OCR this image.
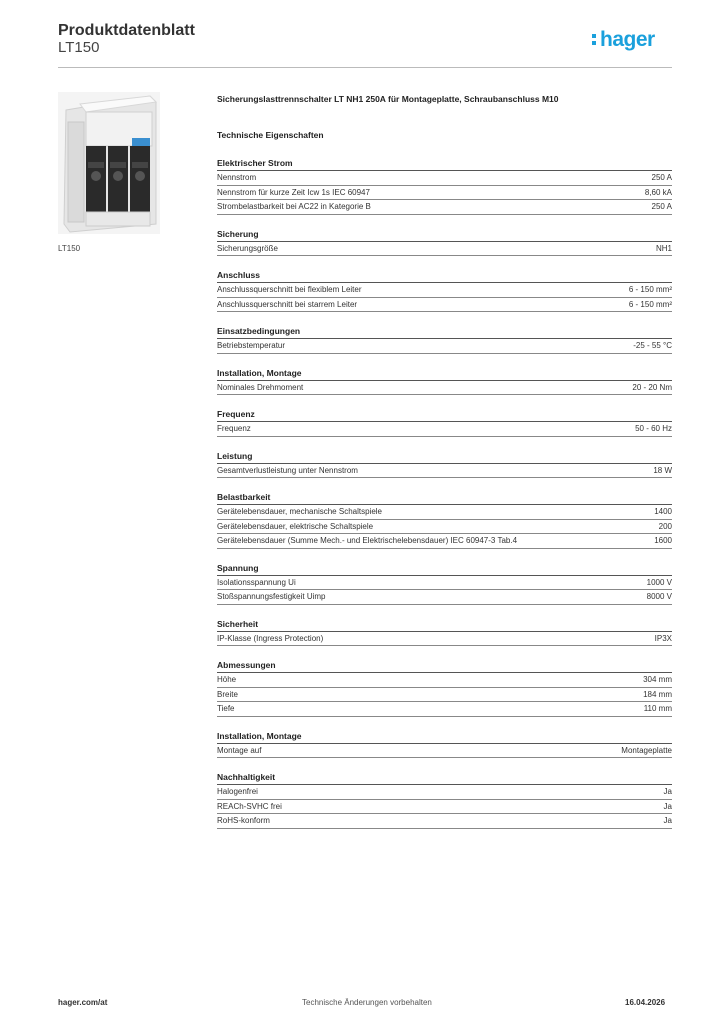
Produktdatenblatt
LT150	hager
LT150
Sicherungslasttrennschalter LT NH1 250A für Montageplatte, Schraubanschluss M10
Technische Eigenschaften
Elektrischer Strom
Nennstrom	250 A
Nennstrom für kurze Zeit Icw 1s IEC 60947	8,60 kA
Strombelastbarkeit bei AC22 in Kategorie B	250 A
Sicherung
Sicherungsgröße	NH1
Anschluss
Anschlussquerschnitt bei flexiblem Leiter	6 - 150 mm²
Anschlussquerschnitt bei starrem Leiter	6 - 150 mm²
Einsatzbedingungen
Betriebstemperatur	-25 - 55 °C
Installation, Montage
Nominales Drehmoment	20 - 20 Nm
Frequenz
Frequenz	50 - 60 Hz
Leistung
Gesamtverlustleistung unter Nennstrom	18 W
Belastbarkeit
Gerätelebensdauer, mechanische Schaltspiele	1400
Gerätelebensdauer, elektrische Schaltspiele	200
Gerätelebensdauer (Summe Mech.- und Elektrischelebensdauer) IEC 60947-3 Tab.4	1600
Spannung
Isolationsspannung Ui	1000 V
Stoßspannungsfestigkeit Uimp	8000 V
Sicherheit
IP-Klasse (Ingress Protection)	IP3X
Abmessungen
Höhe	304 mm
Breite	184 mm
Tiefe	110 mm
Installation, Montage
Montage auf	Montageplatte
Nachhaltigkeit
Halogenfrei	Ja
REACh-SVHC frei	Ja
RoHS-konform	Ja
hager.com/at	Technische Änderungen vorbehalten	16.04.2026
